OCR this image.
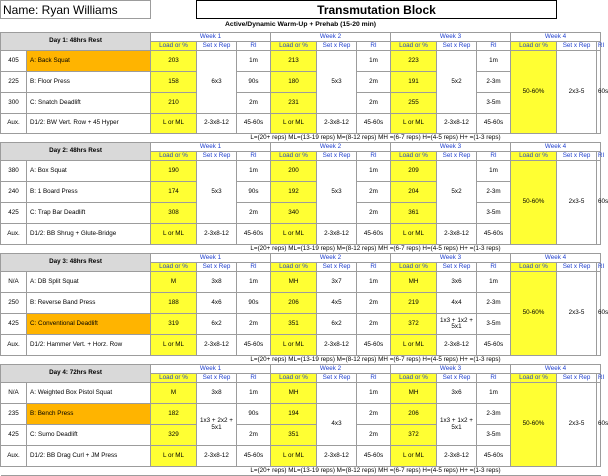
Name: Ryan Williams			Transmutation Block										
Active/Dynamic Warm-Up + Prehab (15-20 min)													
Day 1: 48hrs Rest		Week 1			Week 2			Week 3			Week 4		
		Load or %	Set x Rep	RI	Load or %	Set x Rep	RI	Load or %	Set x Rep	RI	Load or %	Set x Rep	RI
405	A: Back Squat	203	6x3	1m	213	5x3	1m	223	5x2	1m	50-60%	2x3-5	60s
225	B: Floor Press	158		90s	180		2m	191		2-3m			
300	C: Snatch Deadlift	210		2m	231		2m	255		3-5m			
Aux.	D1/2: BW Vert. Row + 45 Hyper	L or ML	2-3x8-12	45-60s	L or ML	2-3x8-12	45-60s	L or ML	2-3x8-12	45-60s			
		L=(20+ reps) ML=(13-19 reps) M=(8-12 reps) MH =(6-7 reps) H=(4-5 reps) H+ =(1-3 reps)											
Day 2: 48hrs Rest		Week 1			Week 2			Week 3			Week 4		
		Load or %	Set x Rep	RI	Load or %	Set x Rep	RI	Load or %	Set x Rep	RI	Load or %	Set x Rep	RI
380	A: Box Squat	190	5x3	1m	200	5x3	1m	209	5x2	1m	50-60%	2x3-5	60s
240	B: 1 Board Press	174		90s	192		2m	204		2-3m			
425	C: Trap Bar Deadlift	308		2m	340		2m	361		3-5m			
Aux.	D1/2: BB Shrug + Glute-Bridge	L or ML	2-3x8-12	45-60s	L or ML	2-3x8-12	45-60s	L or ML	2-3x8-12	45-60s			
		L=(20+ reps) ML=(13-19 reps) M=(8-12 reps) MH =(6-7 reps) H=(4-5 reps) H+ =(1-3 reps)											
Day 3: 48hrs Rest		Week 1			Week 2			Week 3			Week 4		
		Load or %	Set x Rep	RI	Load or %	Set x Rep	RI	Load or %	Set x Rep	RI	Load or %	Set x Rep	RI
N/A	A: DB Split Squat	M	3x8	1m	MH	3x7	1m	MH	3x6	1m	50-60%	2x3-5	60s
250	B: Reverse Band Press	188	4x6	90s	206	4x5	2m	219	4x4	2-3m			
425	C: Conventional Deadlift	319	6x2	2m	351	6x2	2m	372	1x3 + 1x2 +
5x1	3-5m			
Aux.	D1/2: Hammer Vert. + Horz. Row	L or ML	2-3x8-12	45-60s	L or ML	2-3x8-12	45-60s	L or ML	2-3x8-12	45-60s			
		L=(20+ reps) ML=(13-19 reps) M=(8-12 reps) MH =(6-7 reps) H=(4-5 reps) H+ =(1-3 reps)											
Day 4: 72hrs Rest		Week 1			Week 2			Week 3			Week 4		
		Load or %	Set x Rep	RI	Load or %	Set x Rep	RI	Load or %	Set x Rep	RI	Load or %	Set x Rep	RI
N/A	A: Weighted Box Pistol Squat	M	3x8	1m	MH		1m	MH	3x6	1m	50-60%	2x3-5	60s
235	B: Bench Press	182	1x3 + 2x2 +
5x1	90s	194	4x3	2m	206	1x3 + 1x2 +
5x1	2-3m			
425	C: Sumo Deadlift	329		2m	351		2m	372		3-5m			
Aux.	D1/2: BB Drag Curl + JM Press	L or ML	2-3x8-12	45-60s	L or ML	2-3x8-12	45-60s	L or ML	2-3x8-12	45-60s			
		L=(20+ reps) ML=(13-19 reps) M=(8-12 reps) MH =(6-7 reps) H=(4-5 reps) H+ =(1-3 reps)											
